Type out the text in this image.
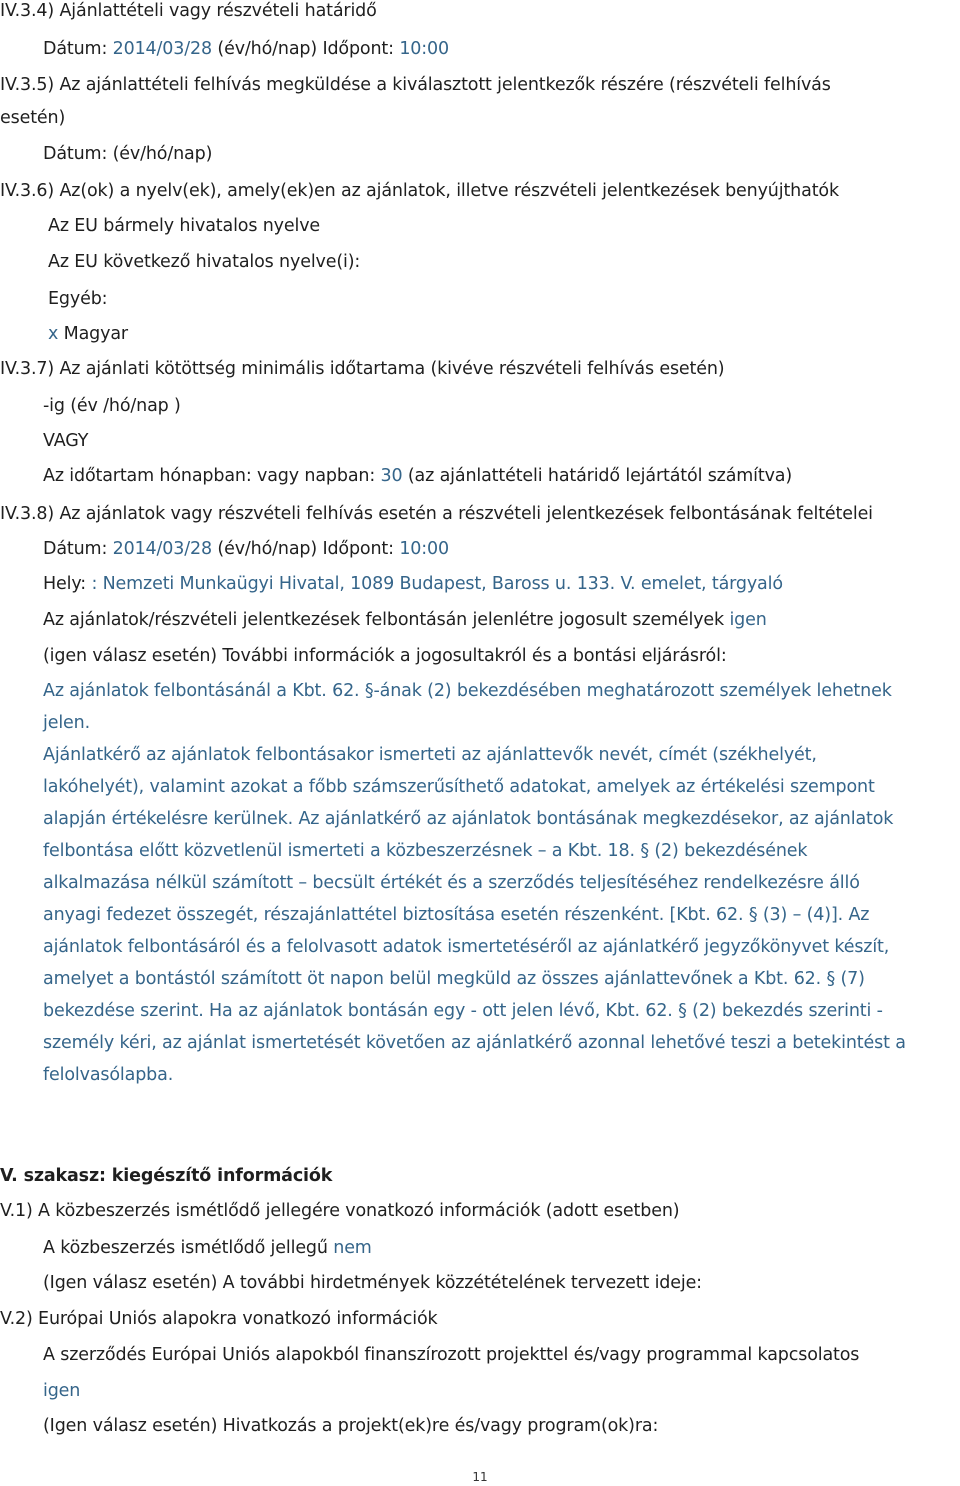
IV.3.4) Ajánlattételi vagy részvételi határidő
Dátum: 2014/03/28 (év/hó/nap) Időpont: 10:00
IV.3.5) Az ajánlattételi felhívás megküldése a kiválasztott jelentkezők részére (részvételi felhívás
esetén)
Dátum: (év/hó/nap)
IV.3.6) Az(ok) a nyelv(ek), amely(ek)en az ajánlatok, illetve részvételi jelentkezések benyújthatók
Az EU bármely hivatalos nyelve
Az EU következő hivatalos nyelve(i):
Egyéb:
x Magyar
IV.3.7) Az ajánlati kötöttség minimális időtartama (kivéve részvételi felhívás esetén)
-ig (év /hó/nap )
VAGY
Az időtartam hónapban: vagy napban: 30 (az ajánlattételi határidő lejártától számítva)
IV.3.8) Az ajánlatok vagy részvételi felhívás esetén a részvételi jelentkezések felbontásának feltételei
Dátum: 2014/03/28 (év/hó/nap) Időpont: 10:00
Hely: : Nemzeti Munkaügyi Hivatal, 1089 Budapest, Baross u. 133. V. emelet, tárgyaló
Az ajánlatok/részvételi jelentkezések felbontásán jelenlétre jogosult személyek igen
(igen válasz esetén) További információk a jogosultakról és a bontási eljárásról:
Az ajánlatok felbontásánál a Kbt. 62. §-ának (2) bekezdésében meghatározott személyek lehetnek
jelen.
Ajánlatkérő az ajánlatok felbontásakor ismerteti az ajánlattevők nevét, címét (székhelyét,
lakóhelyét), valamint azokat a főbb számszerűsíthető adatokat, amelyek az értékelési szempont
alapján értékelésre kerülnek. Az ajánlatkérő az ajánlatok bontásának megkezdésekor, az ajánlatok
felbontása előtt közvetlenül ismerteti a közbeszerzésnek – a Kbt. 18. § (2) bekezdésének
alkalmazása nélkül számított – becsült értékét és a szerződés teljesítéséhez rendelkezésre álló
anyagi fedezet összegét, részajánlattétel biztosítása esetén részenként. [Kbt. 62. § (3) – (4)]. Az
ajánlatok felbontásáról és a felolvasott adatok ismertetéséről az ajánlatkérő jegyzőkönyvet készít,
amelyet a bontástól számított öt napon belül megküld az összes ajánlattevőnek a Kbt. 62. § (7)
bekezdése szerint. Ha az ajánlatok bontásán egy - ott jelen lévő, Kbt. 62. § (2) bekezdés szerinti -
személy kéri, az ajánlat ismertetését követően az ajánlatkérő azonnal lehetővé teszi a betekintést a
felolvasólapba.
V. szakasz: kiegészítő információk
V.1) A közbeszerzés ismétlődő jellegére vonatkozó információk (adott esetben)
A közbeszerzés ismétlődő jellegű nem
(Igen válasz esetén) A további hirdetmények közzétételének tervezett ideje:
V.2) Európai Uniós alapokra vonatkozó információk
A szerződés Európai Uniós alapokból finanszírozott projekttel és/vagy programmal kapcsolatos
igen
(Igen válasz esetén) Hivatkozás a projekt(ek)re és/vagy program(ok)ra:
11
